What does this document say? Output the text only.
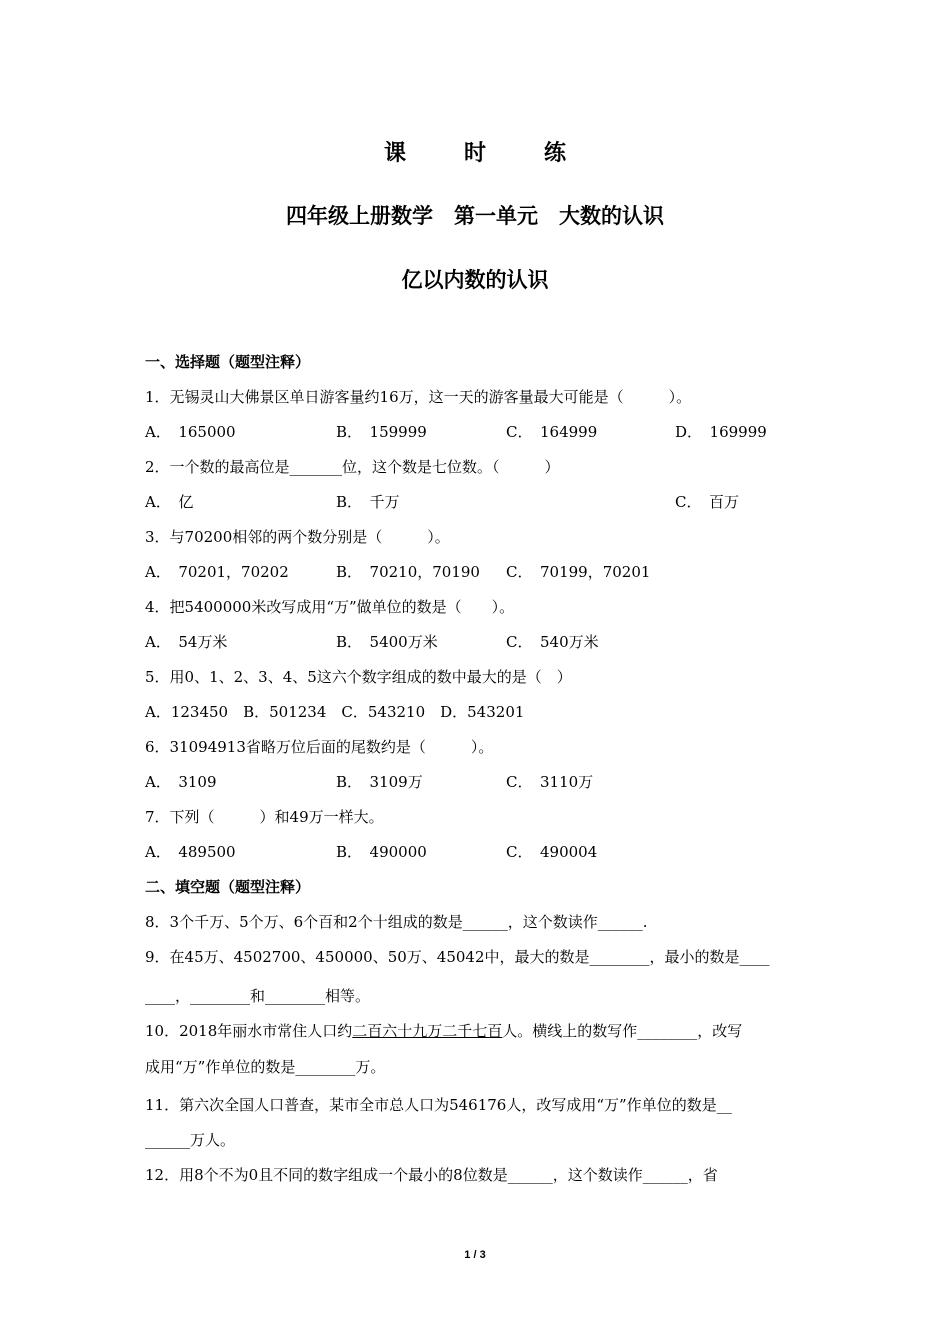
课　时　练
四年级上册数学　第一单元　大数的认识
亿以内数的认识
一、选择题（题型注释）
1．无锡灵山大佛景区单日游客量约16万，这一天的游客量最大可能是（　　　）。
A．　165000	B．　159999	C．　164999	D．　169999
2．一个数的最高位是_______位，这个数是七位数。（　　　）
A．　亿	B．　千万	C．　百万
3．与70200相邻的两个数分别是（　　　）。
A．　70201，70202	B．　70210，70190 C．　70199，70201
4．把5400000米改写成用“万”做单位的数是（　　）。
A．　54万米	B．　5400万米	C．　540万米
5．用0、1、2、3、4、5这六个数字组成的数中最大的是（　）
A．123450　B．501234　C．543210　D．543201
6．31094913省略万位后面的尾数约是（　　　）。
A．　3109	B．　3109万	C．　3110万
7．下列（　　　）和49万一样大。
A．　489500	B．　490000	C．　490004
二、填空题（题型注释）
8．3个千万、5个万、6个百和2个十组成的数是______，这个数读作______.
9．在45万、4502700、450000、50万、45042中，最大的数是________，最小的数是____
____，________和________相等。
10．2018年丽水市常住人口约二百六十九万二千七百人。横线上的数写作________，改写
成用“万”作单位的数是________万。
11．第六次全国人口普查，某市全市总人口为546176人，改写成用“万”作单位的数是__
______万人。
12．用8个不为0且不同的数字组成一个最小的8位数是______，这个数读作______，省
1 / 3
